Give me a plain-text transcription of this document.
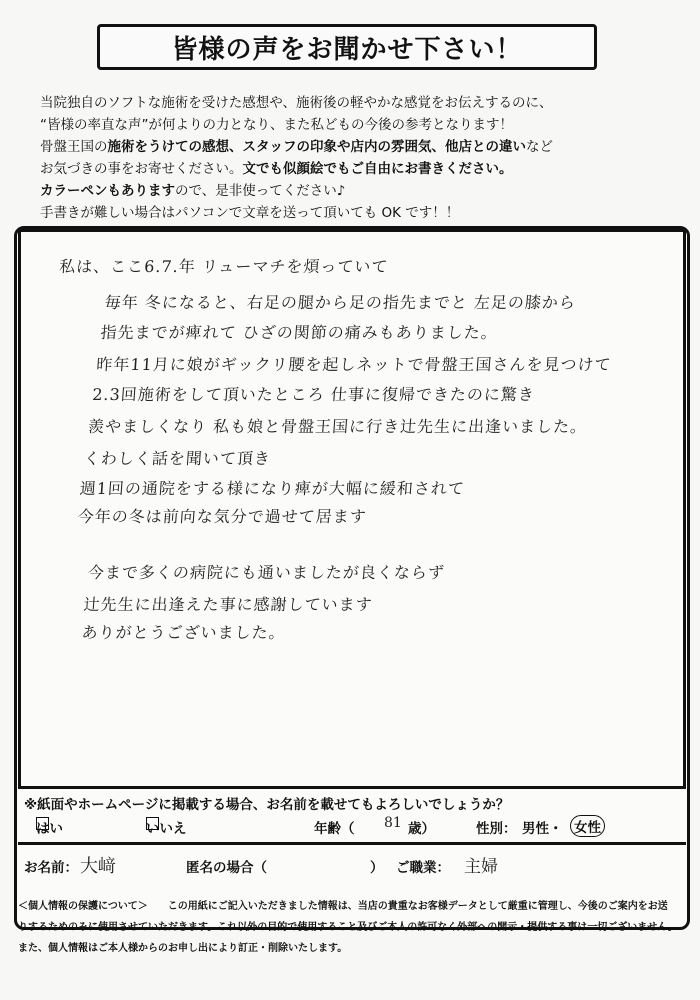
皆様の声をお聞かせ下さい！
当院独自のソフトな施術を受けた感想や、施術後の軽やかな感覚をお伝えするのに、
“皆様の率直な声”が何よりの力となり、また私どもの今後の参考となります！
骨盤王国の施術をうけての感想、スタッフの印象や店内の雰囲気、他店との違いなど
お気づきの事をお寄せください。文でも似顔絵でもご自由にお書きください。
カラーペンもありますので、是非使ってください♪
手書きが難しい場合はパソコンで文章を送って頂いても OK です！！
私は、ここ6.7.年 リューマチを煩っていて
毎年 冬になると、右足の腿から足の指先までと 左足の膝から
指先までが痺れて ひざの関節の痛みもありました。
昨年11月に娘がギックリ腰を起しネットで骨盤王国さんを見つけて
2.3回施術をして頂いたところ 仕事に復帰できたのに驚き
羨やましくなり 私も娘と骨盤王国に行き辻先生に出逢いました。
くわしく話を聞いて頂き
週1回の通院をする様になり痺が大幅に緩和されて
今年の冬は前向な気分で過せて居ます
今まで多くの病院にも通いましたが良くならず
辻先生に出逢えた事に感謝しています
ありがとうございました。
※紙面やホームページに掲載する場合、お名前を載せてもよろしいでしょうか？
はい	いいえ	年齢（ 81 歳）	性別： 男性・ 女性
お名前： 大﨑	匿名の場合（	） ご職業： 主婦
＜個人情報の保護について＞　　この用紙にご記入いただきました情報は、当店の貴重なお客様データとして厳重に管理し、今後のご案内をお送
りするためのみに使用させていただきます。これ以外の目的で使用すること及びご本人の許可なく外部への開示・提供する事は一切ございません。
また、個人情報はご本人様からのお申し出により訂正・削除いたします。
